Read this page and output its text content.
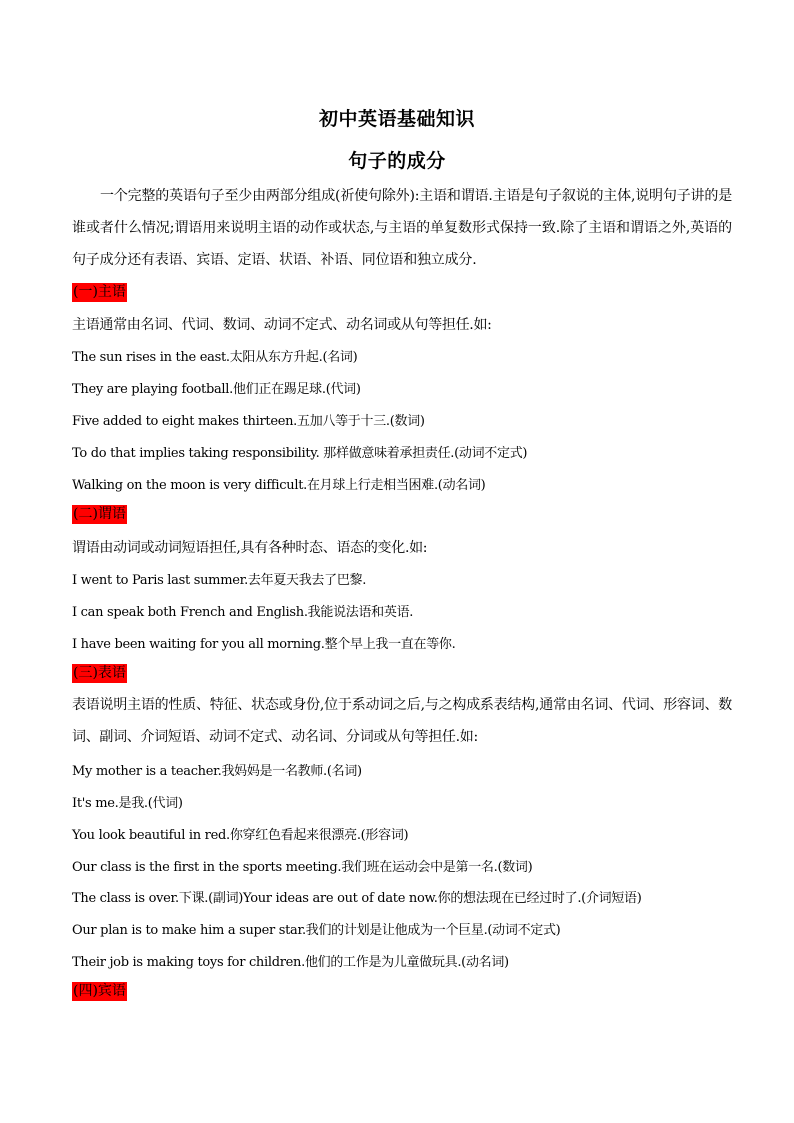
初中英语基础知识
句子的成分
一个完整的英语句子至少由两部分组成(祈使句除外):主语和谓语.主语是句子叙说的主体,说明句子讲的是谁或者什么情况;谓语用来说明主语的动作或状态,与主语的单复数形式保持一致.除了主语和谓语之外,英语的句子成分还有表语、宾语、定语、状语、补语、同位语和独立成分.
(一)主语
主语通常由名词、代词、数词、动词不定式、动名词或从句等担任.如:
The sun rises in the east.太阳从东方升起.(名词)
They are playing football.他们正在踢足球.(代词)
Five added to eight makes thirteen.五加八等于十三.(数词)
To do that implies taking responsibility. 那样做意味着承担责任.(动词不定式)
Walking on the moon is very difficult.在月球上行走相当困难.(动名词)
(二)谓语
谓语由动词或动词短语担任,具有各种时态、语态的变化.如:
I went to Paris last summer.去年夏天我去了巴黎.
I can speak both French and English.我能说法语和英语.
I have been waiting for you all morning.整个早上我一直在等你.
(三)表语
表语说明主语的性质、特征、状态或身份,位于系动词之后,与之构成系表结构,通常由名词、代词、形容词、数词、副词、介词短语、动词不定式、动名词、分词或从句等担任.如:
My mother is a teacher.我妈妈是一名教师.(名词)
It's me.是我.(代词)
You look beautiful in red.你穿红色看起来很漂亮.(形容词)
Our class is the first in the sports meeting.我们班在运动会中是第一名.(数词)
The class is over.下课.(副词)Your ideas are out of date now.你的想法现在已经过时了.(介词短语)
Our plan is to make him a super star.我们的计划是让他成为一个巨星.(动词不定式)
Their job is making toys for children.他们的工作是为儿童做玩具.(动名词)
(四)宾语
